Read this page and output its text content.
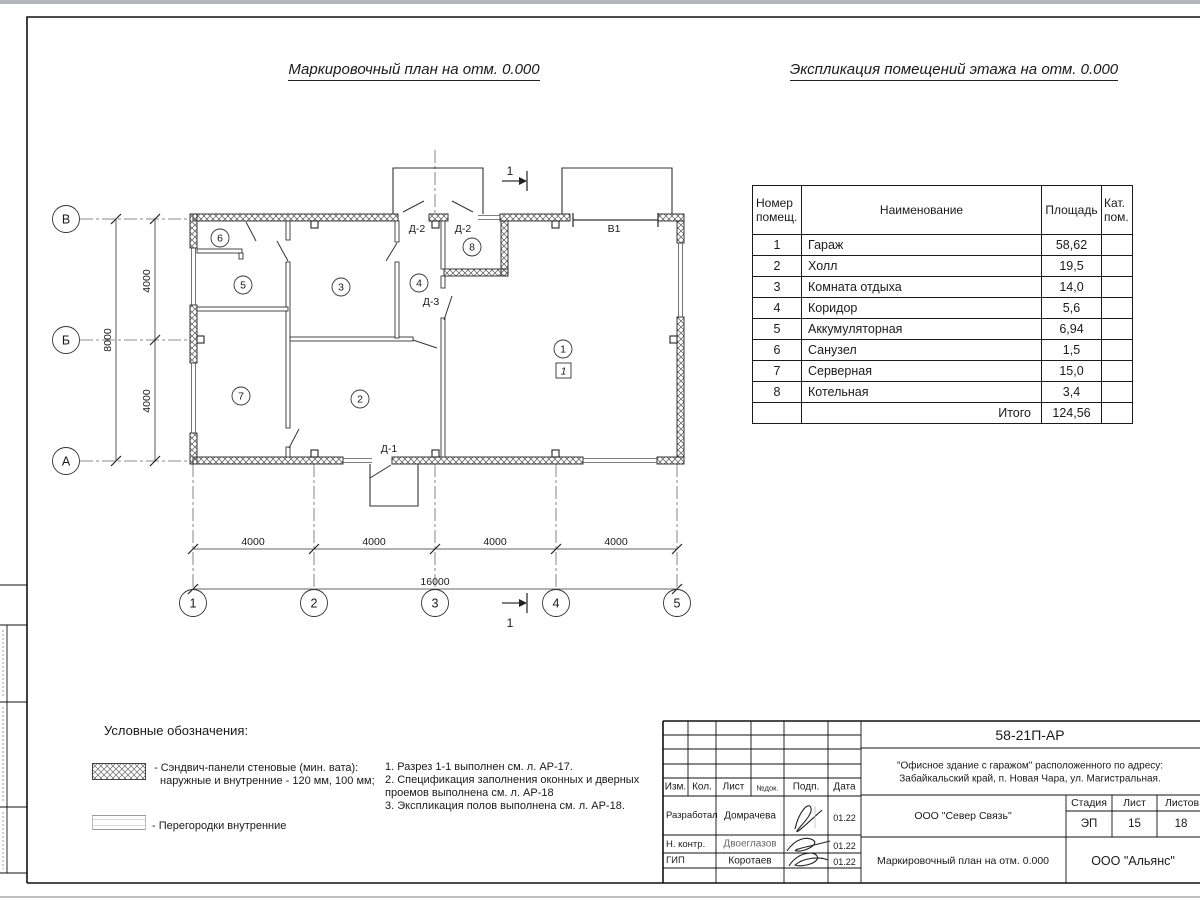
4000	4000	4000	4000
16000
4000
4000
8000
1	2	3	4	5
В
Б
А
1
2
3	4
5
6
7
8
1
Д-2	Д-2
Д-3
Д-1
В1
1
1
Маркировочный план на отм. 0.000	Экспликация помещений этажа на отм. 0.000
Номер
помещ.	Наименование	Площадь	Кат.
пом.

1	Гараж	58,62	
2	Холл	19,5	
3	Комната отдыха	14,0	
4	Коридор	5,6	
5	Аккумуляторная	6,94	
6	Санузел	1,5	
7	Серверная	15,0	
8	Котельная	3,4	
	Итого	124,56	
Условные обозначения:
- Сэндвич-панели стеновые (мин. вата):
наружные и внутренние - 120 мм, 100 мм;
- Перегородки внутренние
1. Разрез 1-1 выполнен см. л. АР-17.
2. Спецификация заполнения оконных и дверных
проемов выполнена см. л. АР-18
3. Экспликация полов выполнена см. л. АР-18.
Изм. Кол. Лист №док. Подп. Дата
Разработал Домрачева	01.22
Н. контр. Двоеглазов	01.22
ГИП	Коротаев	01.22
58-21П-АР
"Офисное здание с гаражом" расположенного по адресу:
Забайкальский край, п. Новая Чара, ул. Магистральная.
ООО "Север Связь"
Стадия Лист Листов
ЭП	15	18
Маркировочный план на отм. 0.000	ООО "Альянс"
